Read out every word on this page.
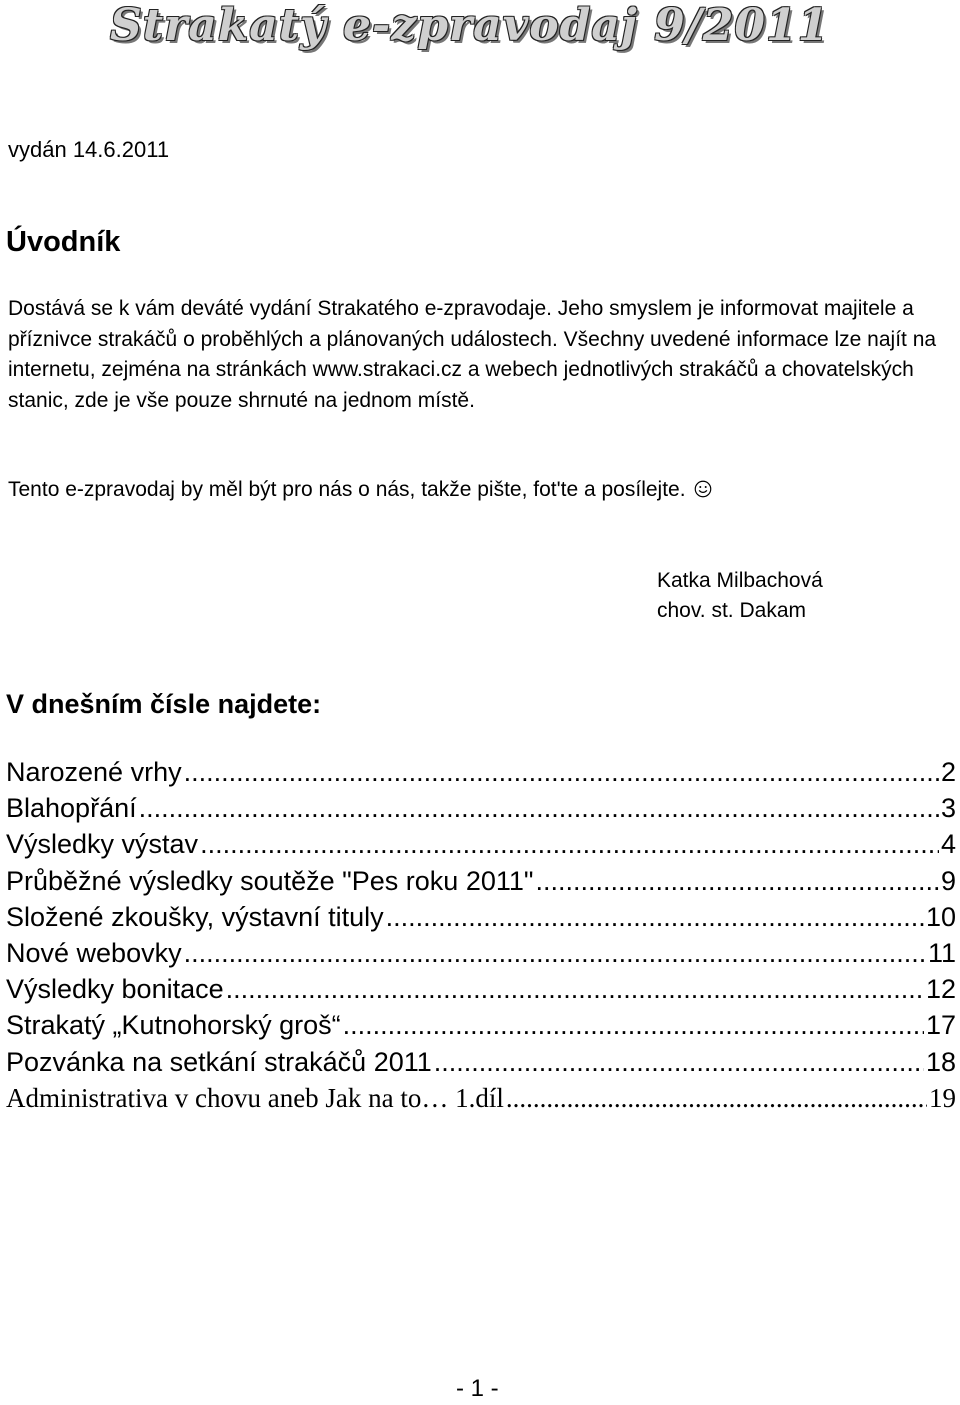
Strakatý e-zpravodaj 9/2011
vydán 14.6.2011
Úvodník

Dostává se k vám deváté vydání Strakatého e-zpravodaje. Jeho smyslem je informovat majitele a příznivce strakáčů o proběhlých a plánovaných událostech. Všechny uvedené informace lze najít na internetu, zejména na stránkách www.strakaci.cz a webech jednotlivých strakáčů a chovatelských stanic, zde je vše pouze shrnuté na jednom místě.

Tento e-zpravodaj by měl být pro nás o nás, takže pište, fot'te a posílejte.

Katka Milbachová
chov. st. Dakam
V dnešním čísle najdete:
Narozené vrhy .....	2
Blahopřání .....	3
Výsledky výstav .....	4
Průběžné výsledky soutěže "Pes roku 2011" .....	9
Složené zkoušky, výstavní tituly .....	10
Nové webovky .....	11
Výsledky bonitace .....	12
Strakatý „Kutnohorský groš“ .....	17
Pozvánka na setkání strakáčů 2011 .....	18
Administrativa v chovu aneb Jak na to… 1.díl .....	19
- 1 -
